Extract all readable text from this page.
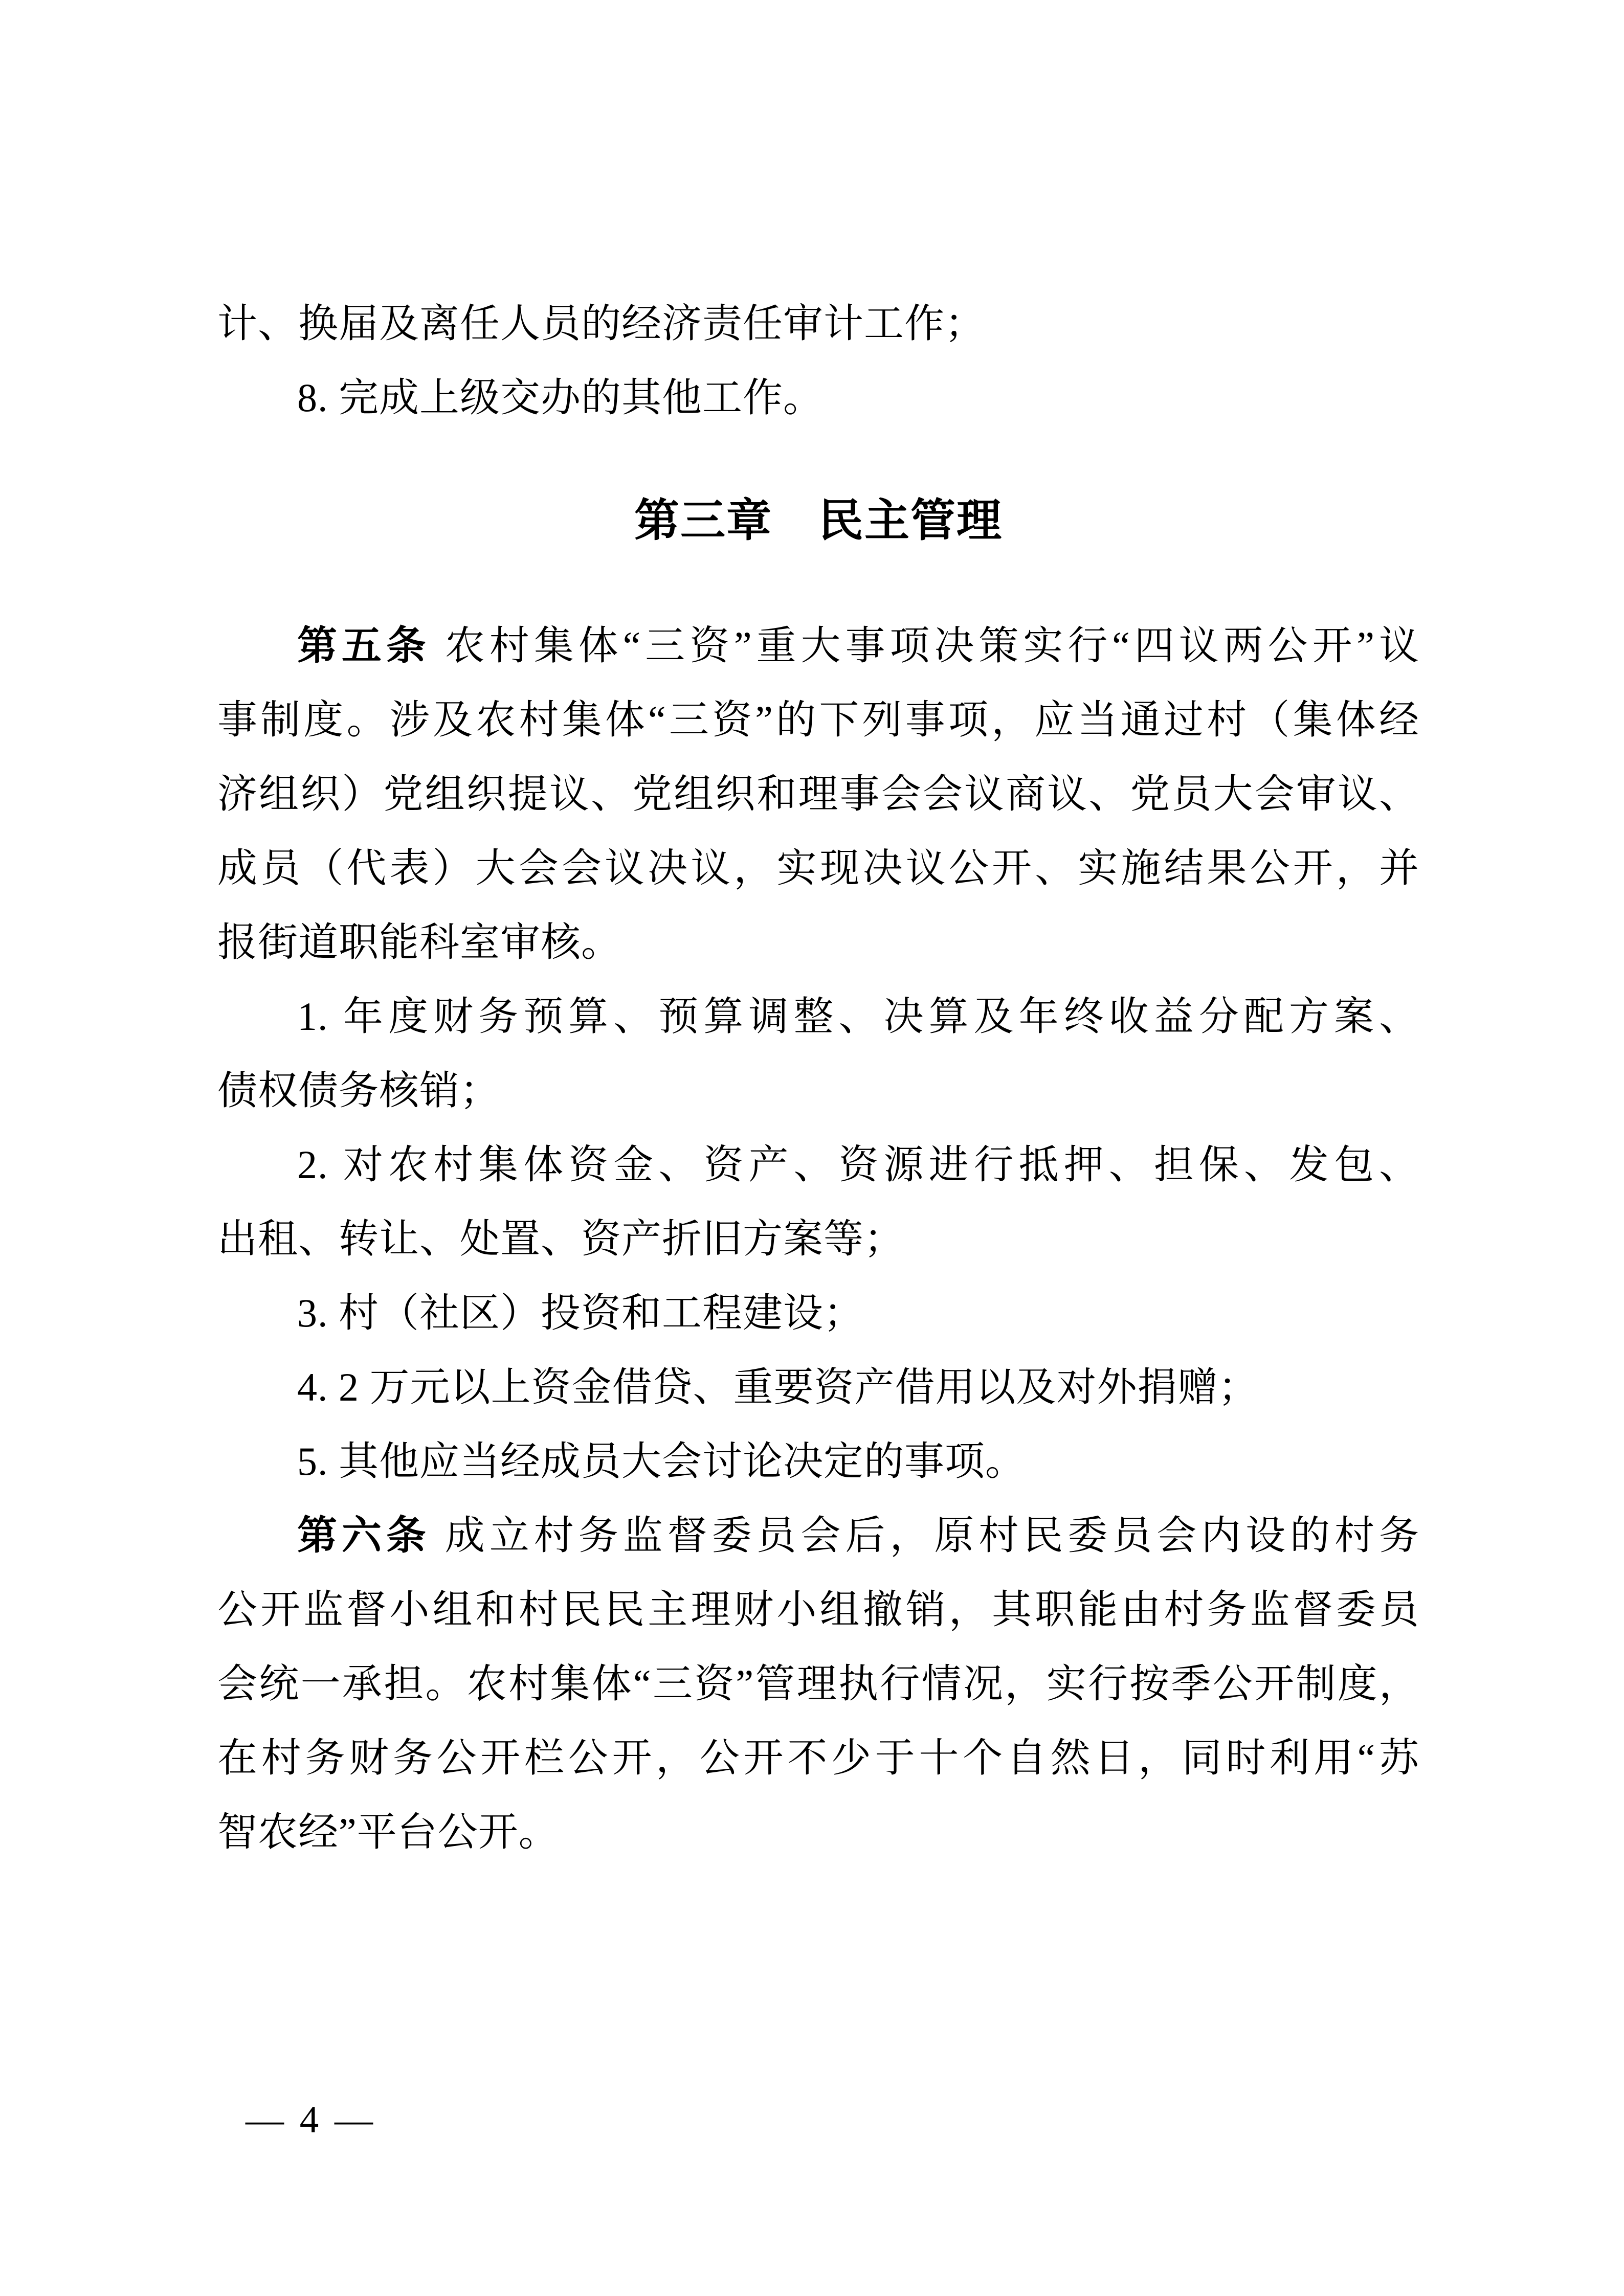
计、换届及离任人员的经济责任审计工作；
8. 完成上级交办的其他工作。
第三章　民主管理
第五条 农村集体“三资”重大事项决策实行“四议两公开”议
事制度。涉及农村集体“三资”的下列事项，应当通过村（集体经
济组织）党组织提议、党组织和理事会会议商议、党员大会审议、
成员（代表）大会会议决议，实现决议公开、实施结果公开，并
报街道职能科室审核。
1. 年度财务预算、预算调整、决算及年终收益分配方案、
债权债务核销；
2. 对农村集体资金、资产、资源进行抵押、担保、发包、
出租、转让、处置、资产折旧方案等；
3. 村（社区）投资和工程建设；
4. 2 万元以上资金借贷、重要资产借用以及对外捐赠；
5. 其他应当经成员大会讨论决定的事项。
第六条 成立村务监督委员会后，原村民委员会内设的村务
公开监督小组和村民民主理财小组撤销，其职能由村务监督委员
会统一承担。农村集体“三资”管理执行情况，实行按季公开制度，
在村务财务公开栏公开，公开不少于十个自然日，同时利用“苏
智农经”平台公开。
— 4 —
